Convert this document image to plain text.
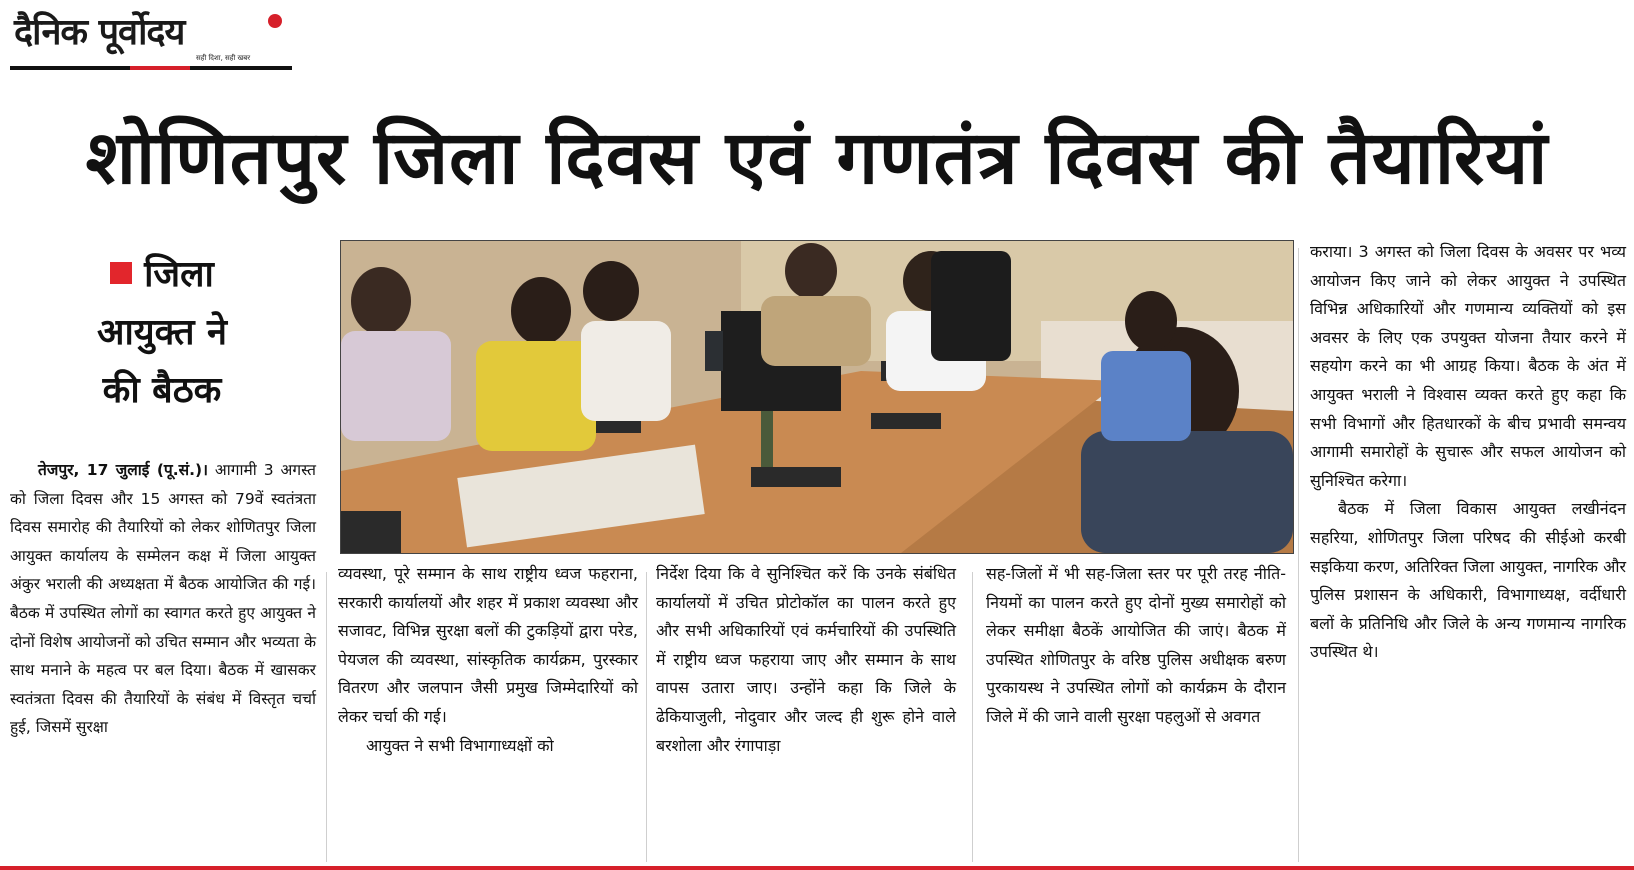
दैनिक पूर्वोदय
सही दिशा, सही खबर
शोणितपुर जिला दिवस एवं गणतंत्र दिवस की तैयारियां
जिला
आयुक्त ने
की बैठक

तेजपुर, 17 जुलाई (पू.सं.)। आगामी 3 अगस्त को जिला दिवस और 15 अगस्त को 79वें स्वतंत्रता दिवस समारोह की तैयारियों को लेकर शोणितपुर जिला आयुक्त कार्यालय के सम्मेलन कक्ष में जिला आयुक्त अंकुर भराली की अध्यक्षता में बैठक आयोजित की गई। बैठक में उपस्थित लोगों का स्वागत करते हुए आयुक्त ने दोनों विशेष आयोजनों को उचित सम्मान और भव्यता के साथ मनाने के महत्व पर बल दिया। बैठक में खासकर स्वतंत्रता दिवस की तैयारियों के संबंध में विस्तृत चर्चा हुई, जिसमें सुरक्षा

व्यवस्था, पूरे सम्मान के साथ राष्ट्रीय ध्वज फहराना, सरकारी कार्यालयों और शहर में प्रकाश व्यवस्था और सजावट, विभिन्न सुरक्षा बलों की टुकड़ियों द्वारा परेड, पेयजल की व्यवस्था, सांस्कृतिक कार्यक्रम, पुरस्कार वितरण और जलपान जैसी प्रमुख जिम्मेदारियों को लेकर चर्चा की गई।

आयुक्त ने सभी विभागाध्यक्षों को

निर्देश दिया कि वे सुनिश्चित करें कि उनके संबंधित कार्यालयों में उचित प्रोटोकॉल का पालन करते हुए और सभी अधिकारियों एवं कर्मचारियों की उपस्थिति में राष्ट्रीय ध्वज फहराया जाए और सम्मान के साथ वापस उतारा जाए। उन्होंने कहा कि जिले के ढेकियाजुली, नोदुवार और जल्द ही शुरू होने वाले बरशोला और रंगापाड़ा

सह-जिलों में भी सह-जिला स्तर पर पूरी तरह नीति-नियमों का पालन करते हुए दोनों मुख्य समारोहों को लेकर समीक्षा बैठकें आयोजित की जाएं। बैठक में उपस्थित शोणितपुर के वरिष्ठ पुलिस अधीक्षक बरुण पुरकायस्थ ने उपस्थित लोगों को कार्यक्रम के दौरान जिले में की जाने वाली सुरक्षा पहलुओं से अवगत

कराया। 3 अगस्त को जिला दिवस के अवसर पर भव्य आयोजन किए जाने को लेकर आयुक्त ने उपस्थित विभिन्न अधिकारियों और गणमान्य व्यक्तियों को इस अवसर के लिए एक उपयुक्त योजना तैयार करने में सहयोग करने का भी आग्रह किया। बैठक के अंत में आयुक्त भराली ने विश्वास व्यक्त करते हुए कहा कि सभी विभागों और हितधारकों के बीच प्रभावी समन्वय आगामी समारोहों के सुचारू और सफल आयोजन को सुनिश्चित करेगा।

बैठक में जिला विकास आयुक्त लखीनंदन सहरिया, शोणितपुर जिला परिषद की सीईओ करबी सइकिया करण, अतिरिक्त जिला आयुक्त, नागरिक और पुलिस प्रशासन के अधिकारी, विभागाध्यक्ष, वर्दीधारी बलों के प्रतिनिधि और जिले के अन्य गणमान्य नागरिक उपस्थित थे।
